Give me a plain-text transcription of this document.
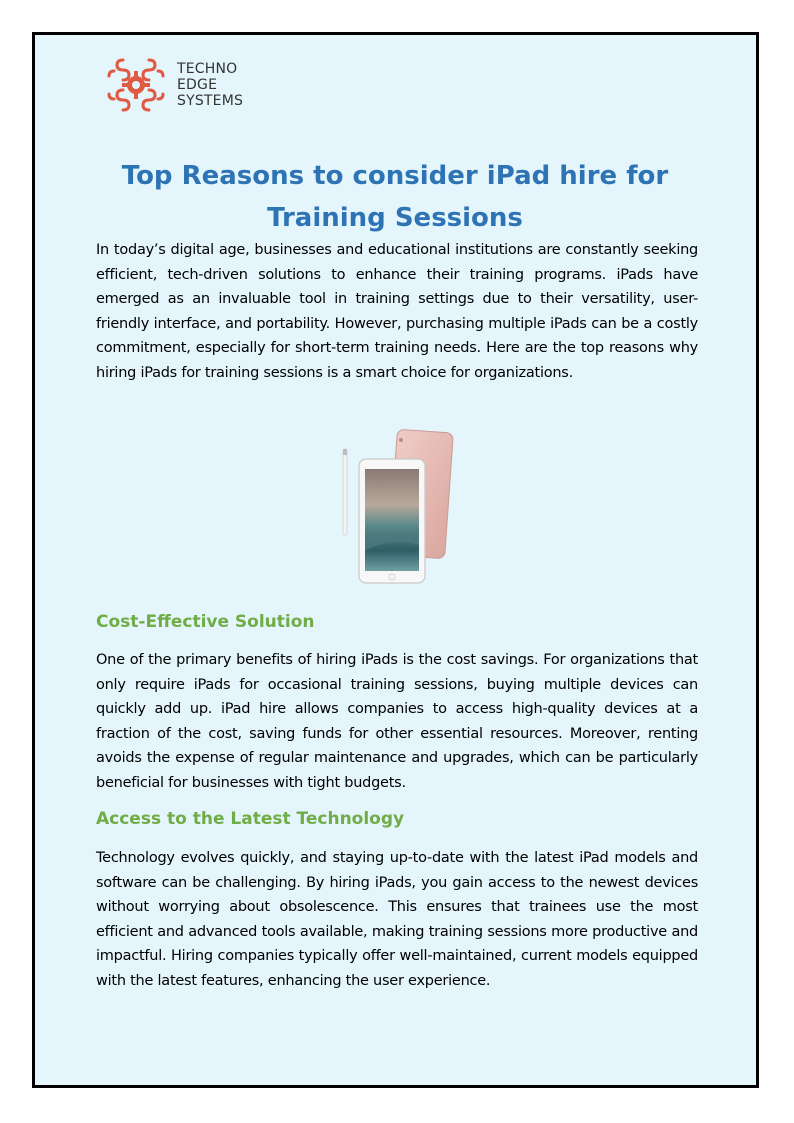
TECHNO
EDGE
SYSTEMS
Top Reasons to consider iPad hire for
Training Sessions

In today’s digital age, businesses and educational institutions are constantly seeking efficient, tech-driven solutions to enhance their training programs. iPads have emerged as an invaluable tool in training settings due to their versatility, user-friendly interface, and portability. However, purchasing multiple iPads can be a costly commitment, especially for short-term training needs. Here are the top reasons why hiring iPads for training sessions is a smart choice for organizations.

Cost-Effective Solution

One of the primary benefits of hiring iPads is the cost savings. For organizations that only require iPads for occasional training sessions, buying multiple devices can quickly add up. iPad hire allows companies to access high-quality devices at a fraction of the cost, saving funds for other essential resources. Moreover, renting avoids the expense of regular maintenance and upgrades, which can be particularly beneficial for businesses with tight budgets.

Access to the Latest Technology

Technology evolves quickly, and staying up-to-date with the latest iPad models and software can be challenging. By hiring iPads, you gain access to the newest devices without worrying about obsolescence. This ensures that trainees use the most efficient and advanced tools available, making training sessions more productive and impactful. Hiring companies typically offer well-maintained, current models equipped with the latest features, enhancing the user experience.
